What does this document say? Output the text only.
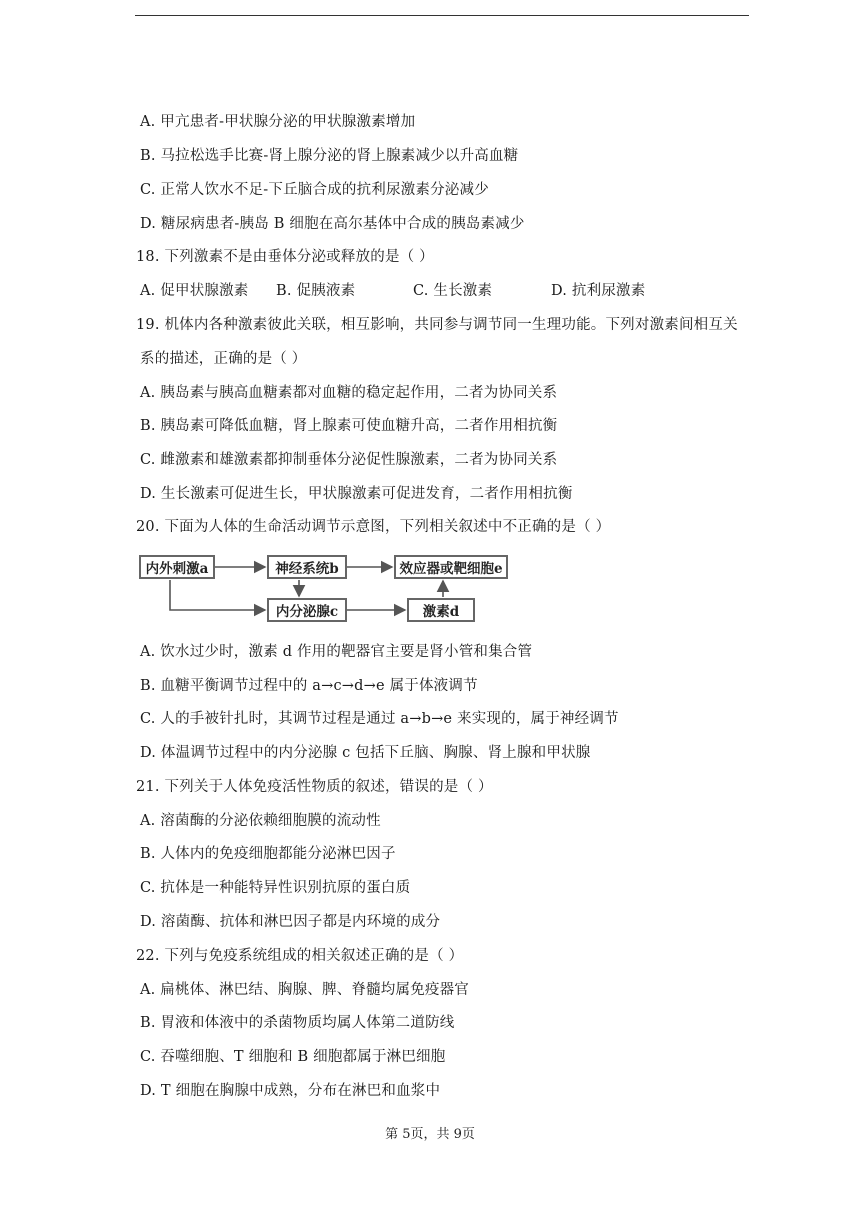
A. 甲亢患者-甲状腺分泌的甲状腺激素增加
B. 马拉松选手比赛-肾上腺分泌的肾上腺素减少以升高血糖
C. 正常人饮水不足-下丘脑合成的抗利尿激素分泌减少
D. 糖尿病患者-胰岛 B 细胞在高尔基体中合成的胰岛素减少
18. 下列激素不是由垂体分泌或释放的是（ ）
A. 促甲状腺激素 B. 促胰液素	C. 生长激素	D. 抗利尿激素
19. 机体内各种激素彼此关联，相互影响，共同参与调节同一生理功能。下列对激素间相互关
系的描述，正确的是（ ）
A. 胰岛素与胰高血糖素都对血糖的稳定起作用，二者为协同关系
B. 胰岛素可降低血糖，肾上腺素可使血糖升高，二者作用相抗衡
C. 雌激素和雄激素都抑制垂体分泌促性腺激素，二者为协同关系
D. 生长激素可促进生长，甲状腺激素可促进发育，二者作用相抗衡
20. 下面为人体的生命活动调节示意图，下列相关叙述中不正确的是（ ）
内外刺激a	神经系统b	效应器或靶细胞e
内分泌腺c	激素d
A. 饮水过少时，激素 d 作用的靶器官主要是肾小管和集合管
B. 血糖平衡调节过程中的 a→c→d→e 属于体液调节
C. 人的手被针扎时，其调节过程是通过 a→b→e 来实现的，属于神经调节
D. 体温调节过程中的内分泌腺 c 包括下丘脑、胸腺、肾上腺和甲状腺
21. 下列关于人体免疫活性物质的叙述，错误的是（ ）
A. 溶菌酶的分泌依赖细胞膜的流动性
B. 人体内的免疫细胞都能分泌淋巴因子
C. 抗体是一种能特异性识别抗原的蛋白质
D. 溶菌酶、抗体和淋巴因子都是内环境的成分
22. 下列与免疫系统组成的相关叙述正确的是（ ）
A. 扁桃体、淋巴结、胸腺、脾、脊髓均属免疫器官
B. 胃液和体液中的杀菌物质均属人体第二道防线
C. 吞噬细胞、T 细胞和 B 细胞都属于淋巴细胞
D. T 细胞在胸腺中成熟，分布在淋巴和血浆中
第 5页，共 9页
